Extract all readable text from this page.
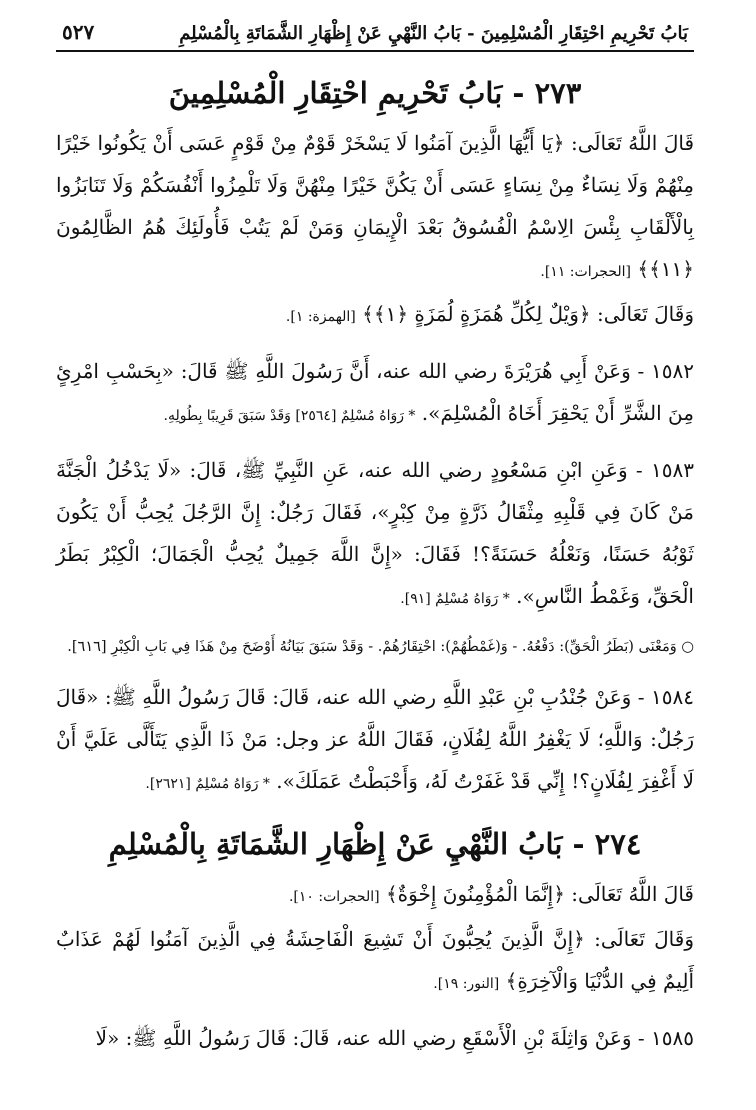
بَابُ تَحْرِيمِ احْتِقَارِ الْمُسْلِمِينَ - بَابُ النَّهْيِ عَنْ إِظْهَارِ الشَّمَاتَةِ بِالْمُسْلِمِ
٥٢٧
٢٧٣ - بَابُ تَحْرِيمِ احْتِقَارِ الْمُسْلِمِينَ

قَالَ اللَّهُ تَعَالَى: ﴿يَا أَيُّهَا الَّذِينَ آمَنُوا لَا يَسْخَرْ قَوْمٌ مِنْ قَوْمٍ عَسَى أَنْ يَكُونُوا خَيْرًا مِنْهُمْ وَلَا نِسَاءٌ مِنْ نِسَاءٍ عَسَى أَنْ يَكُنَّ خَيْرًا مِنْهُنَّ وَلَا تَلْمِزُوا أَنْفُسَكُمْ وَلَا تَنَابَزُوا بِالْأَلْقَابِ بِئْسَ الِاسْمُ الْفُسُوقُ بَعْدَ الْإِيمَانِ وَمَنْ لَمْ يَتُبْ فَأُولَئِكَ هُمُ الظَّالِمُونَ ﴿١١﴾﴾ [الحجرات: ١١].

وَقَالَ تَعَالَى: ﴿وَيْلٌ لِكُلِّ هُمَزَةٍ لُمَزَةٍ ﴿١﴾﴾ [الهمزة: ١].

١٥٨٢ - وَعَنْ أَبِي هُرَيْرَةَ رضي الله عنه، أَنَّ رَسُولَ اللَّهِ ﷺ قَالَ: «بِحَسْبِ امْرِئٍ مِنَ الشَّرِّ أَنْ يَحْقِرَ أَخَاهُ الْمُسْلِمَ». * رَوَاهُ مُسْلِمٌ [٢٥٦٤] وَقَدْ سَبَقَ قَرِيبًا بِطُولِهِ.

١٥٨٣ - وَعَنِ ابْنِ مَسْعُودٍ رضي الله عنه، عَنِ النَّبِيِّ ﷺ، قَالَ: «لَا يَدْخُلُ الْجَنَّةَ مَنْ كَانَ فِي قَلْبِهِ مِثْقَالُ ذَرَّةٍ مِنْ كِبْرٍ»، فَقَالَ رَجُلٌ: إِنَّ الرَّجُلَ يُحِبُّ أَنْ يَكُونَ ثَوْبُهُ حَسَنًا، وَنَعْلُهُ حَسَنَةً؟! فَقَالَ: «إِنَّ اللَّهَ جَمِيلٌ يُحِبُّ الْجَمَالَ؛ الْكِبْرُ بَطَرُ الْحَقِّ، وَغَمْطُ النَّاسِ». * رَوَاهُ مُسْلِمٌ [٩١].

○ وَمَعْنَى (بَطَرُ الْحَقِّ): دَفْعُهُ. - وَ(غَمْطُهُمْ): احْتِقَارُهُمْ. - وَقَدْ سَبَقَ بَيَانُهُ أَوْضَحَ مِنْ هَذَا فِي بَابِ الْكِبْرِ [٦١٦].

١٥٨٤ - وَعَنْ جُنْدُبِ بْنِ عَبْدِ اللَّهِ رضي الله عنه، قَالَ: قَالَ رَسُولُ اللَّهِ ﷺ: «قَالَ رَجُلٌ: وَاللَّهِ؛ لَا يَغْفِرُ اللَّهُ لِفُلَانٍ، فَقَالَ اللَّهُ عز وجل: مَنْ ذَا الَّذِي يَتَأَلَّى عَلَيَّ أَنْ لَا أَغْفِرَ لِفُلَانٍ؟! إِنِّي قَدْ غَفَرْتُ لَهُ، وَأَحْبَطْتُ عَمَلَكَ». * رَوَاهُ مُسْلِمٌ [٢٦٢١].

٢٧٤ - بَابُ النَّهْيِ عَنْ إِظْهَارِ الشَّمَاتَةِ بِالْمُسْلِمِ

قَالَ اللَّهُ تَعَالَى: ﴿إِنَّمَا الْمُؤْمِنُونَ إِخْوَةٌ﴾ [الحجرات: ١٠].

وَقَالَ تَعَالَى: ﴿إِنَّ الَّذِينَ يُحِبُّونَ أَنْ تَشِيعَ الْفَاحِشَةُ فِي الَّذِينَ آمَنُوا لَهُمْ عَذَابٌ أَلِيمٌ فِي الدُّنْيَا وَالْآخِرَةِ﴾ [النور: ١٩].

١٥٨٥ - وَعَنْ وَاثِلَةَ بْنِ الْأَسْقَعِ رضي الله عنه، قَالَ: قَالَ رَسُولُ اللَّهِ ﷺ: «لَا
